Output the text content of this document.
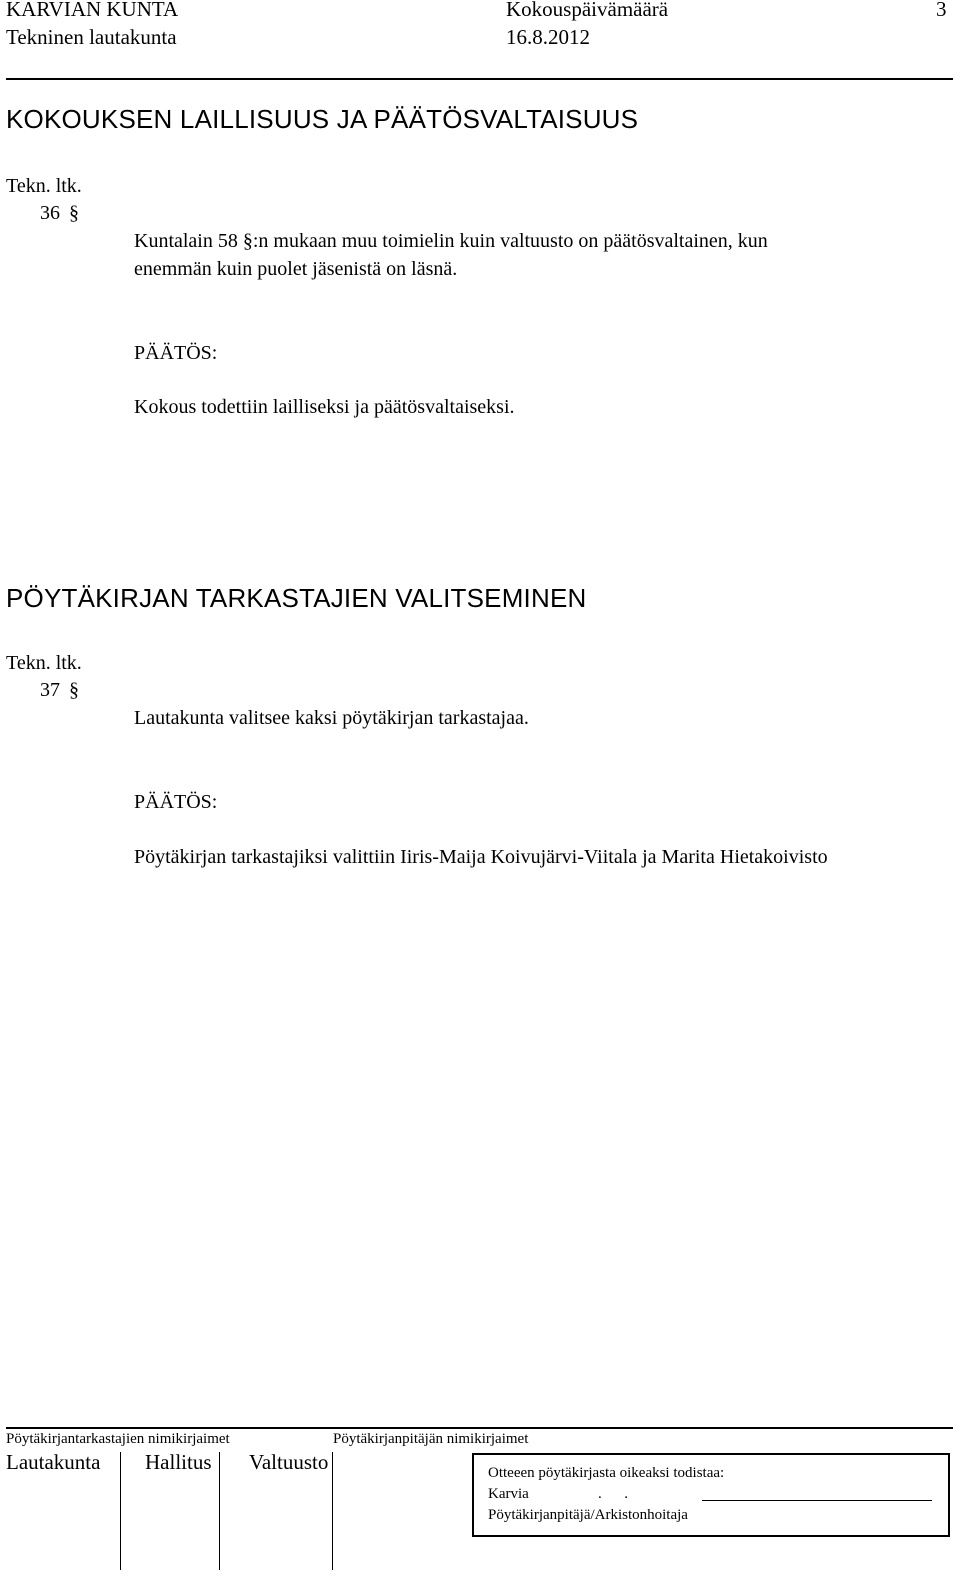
KARVIAN KUNTA
Tekninen lautakunta
Kokouspäivämäärä
16.8.2012
3
KOKOUKSEN LAILLISUUS JA PÄÄTÖSVALTAISUUS
Tekn. ltk.
36 §
Kuntalain 58 §:n mukaan muu toimielin kuin valtuusto on päätösvaltainen, kun
enemmän kuin puolet jäsenistä on läsnä.
PÄÄTÖS:
Kokous todettiin lailliseksi ja päätösvaltaiseksi.
PÖYTÄKIRJAN TARKASTAJIEN VALITSEMINEN
Tekn. ltk.
37 §
Lautakunta valitsee kaksi pöytäkirjan tarkastajaa.
PÄÄTÖS:
Pöytäkirjan tarkastajiksi valittiin Iiris-Maija Koivujärvi-Viitala ja Marita Hietakoivisto
Pöytäkirjantarkastajien nimikirjaimet	Pöytäkirjanpitäjän nimikirjaimet
Lautakunta Hallitus Valtuusto	Otteeen pöytäkirjasta oikeaksi todistaa:
Karvia	.      .
Pöytäkirjanpitäjä/Arkistonhoitaja
